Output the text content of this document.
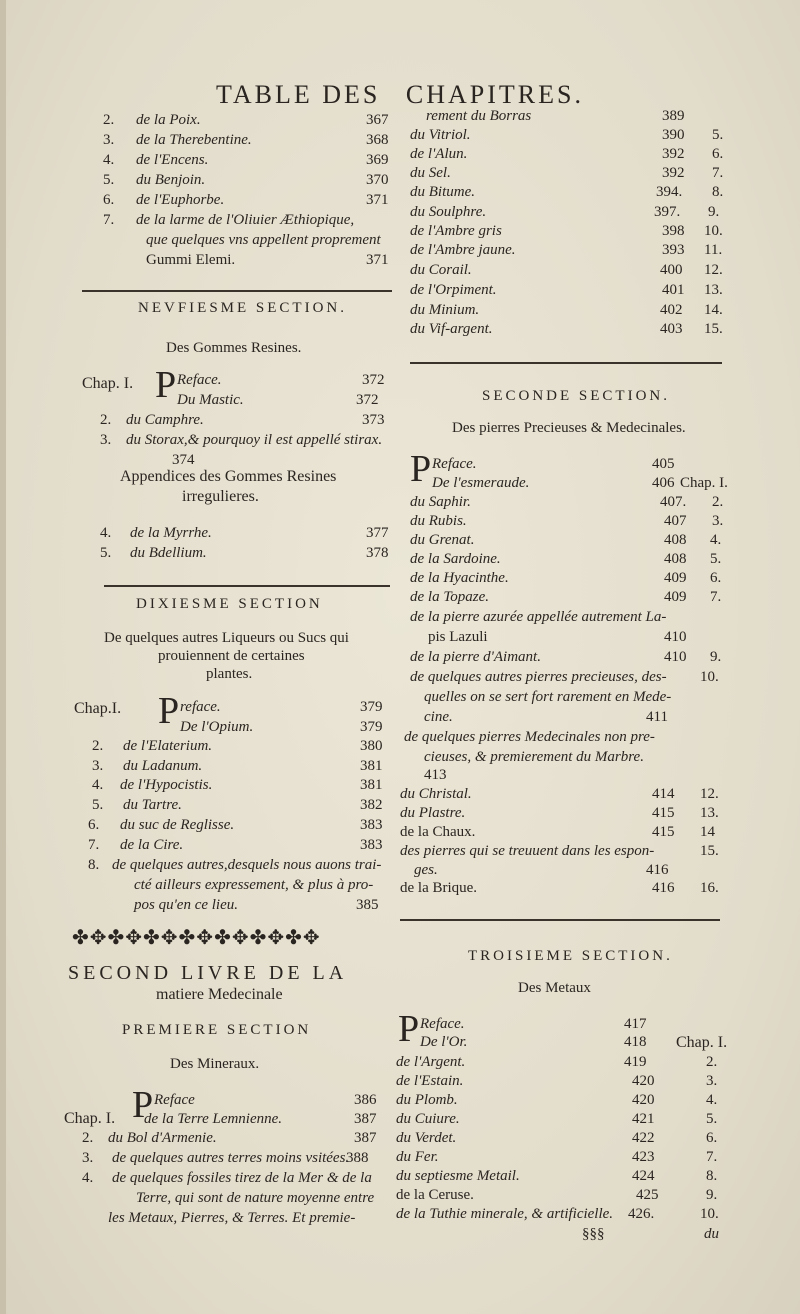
TABLE DES CHAPITRES.
2. de la Poix.	367
3. de la Therebentine.	368
4. de l'Encens.	369
5. du Benjoin.	370
6. de l'Euphorbe.	371
7. de la larme de l'Oliuier Æthiopique,
que quelques vns appellent proprement
Gummi Elemi.	371
NEVFIESME SECTION.
Des Gommes Resines.
Chap. I. P Reface.	372
Du Mastic.	372
2. du Camphre.	373
3. du Storax,& pourquoy il est appellé stirax.
374
Appendices des Gommes Resines
irregulieres.
4. de la Myrrhe.	377
5. du Bdellium.	378
DIXIESME SECTION
De quelques autres Liqueurs ou Sucs qui
prouiennent de certaines
plantes.
Chap.I. P reface.	379
De l'Opium.	379
2. de l'Elaterium.	380
3. du Ladanum.	381
4. de l'Hypocistis.	381
5. du Tartre.	382
6. du suc de Reglisse.	383
7. de la Cire.	383
8. de quelques autres,desquels nous auons trai-
cté ailleurs expressement, & plus à pro-
pos qu'en ce lieu.	385
✤✥✤✥✤✥✤✥✤✥✤✥✤✥
SECOND LIVRE DE LA
matiere Medecinale
PREMIERE SECTION
Des Mineraux.
P Reface	386
Chap. I. de la Terre Lemnienne.	387
2. du Bol d'Armenie.	387
3. de quelques autres terres moins vsitées.
388
4. de quelques fossiles tirez de la Mer & de la
Terre, qui sont de nature moyenne entre
les Metaux, Pierres, & Terres. Et premie-
rement du Borras	389
du Vitriol.	390 5.
de l'Alun.	392 6.
du Sel.	392 7.
du Bitume.	394. 8.
du Soulphre.	397. 9.
de l'Ambre gris	398 10.
de l'Ambre jaune.	393 11.
du Corail.	400 12.
de l'Orpiment.	401 13.
du Minium.	402 14.
du Vif-argent.	403 15.
SECONDE SECTION.
Des pierres Precieuses & Medecinales.
P Reface.	405
De l'esmeraude.	406 Chap. I.
du Saphir.	407. 2.
du Rubis.	407 3.
du Grenat.	408 4.
de la Sardoine.	408 5.
de la Hyacinthe.	409 6.
de la Topaze.	409 7.
de la pierre azurée appellée autrement La-
pis Lazuli	410
de la pierre d'Aimant.	410 9.
de quelques autres pierres precieuses, des- 10.
quelles on se sert fort rarement en Mede-
cine.	411
de quelques pierres Medecinales non pre-
cieuses, & premierement du Marbre.
413
du Christal.	414 12.
du Plastre.	415 13.
de la Chaux.	415 14
des pierres qui se treuuent dans les espon-	15.
ges.	416
de la Brique.	416 16.
TROISIEME SECTION.
Des Metaux
P Reface.	417
De l'Or.	418 Chap. I.
de l'Argent.	419	2.
de l'Estain.	420	3.
du Plomb.	420	4.
du Cuiure.	421	5.
du Verdet.	422	6.
du Fer.	423	7.
du septiesme Metail.	424	8.
de la Ceruse.	425	9.
de la Tuthie minerale, & artificielle. 426.	10.
§§§	du
